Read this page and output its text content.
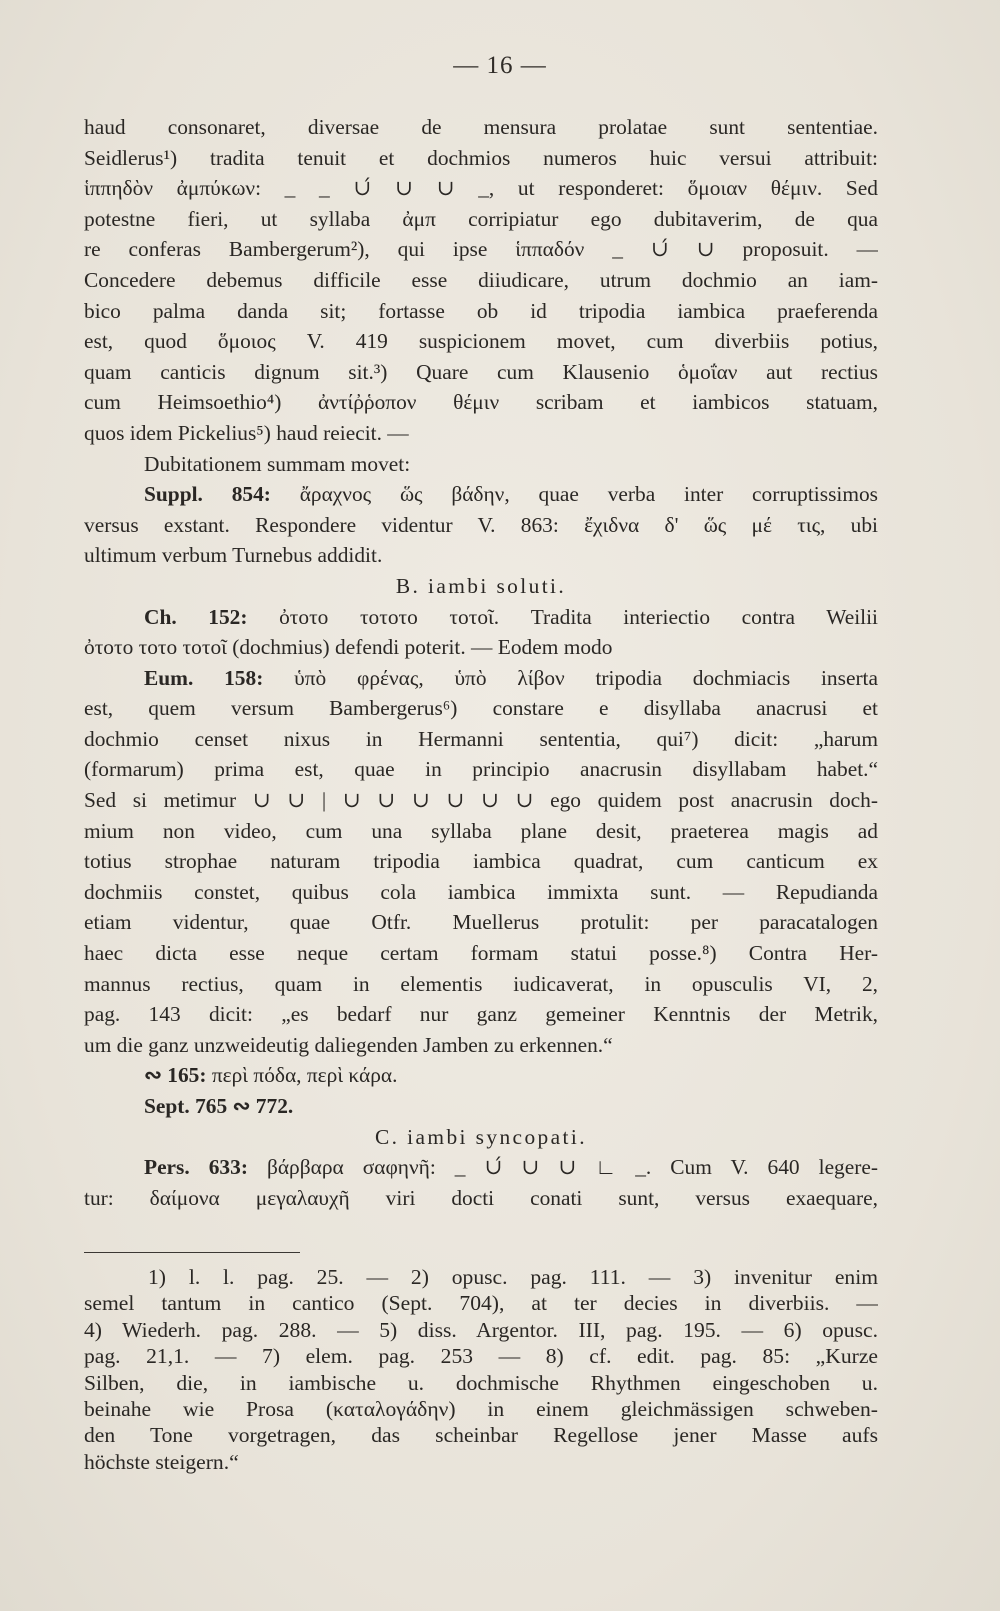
— 16 —
haud consonaret, diversae de mensura prolatae sunt sententiae.
Seidlerus¹) tradita tenuit et dochmios numeros huic versui attribuit:
ἱππηδὸν ἀμπύκων: _ _ ∪́ ∪ ∪ _, ut responderet: ὅμοιαν θέμιν. Sed
potestne fieri, ut syllaba ἀμπ corripiatur ego dubitaverim, de qua
re conferas Bambergerum²), qui ipse ἱππαδόν _ ∪́ ∪ proposuit. —
Concedere debemus difficile esse diiudicare, utrum dochmio an iam-
bico palma danda sit; fortasse ob id tripodia iambica praeferenda
est, quod ὅμοιος V. 419 suspicionem movet, cum diverbiis potius,
quam canticis dignum sit.³) Quare cum Klausenio ὁμοΐαν aut rectius
cum Heimsoethio⁴) ἀντίῤῥοπον θέμιν scribam et iambicos statuam,
quos idem Pickelius⁵) haud reiecit. —
Dubitationem summam movet:
Suppl. 854: ἄραχνος ὥς βάδην, quae verba inter corruptissimos
versus exstant. Respondere videntur V. 863: ἔχιδνα δ' ὥς μέ τις, ubi
ultimum verbum Turnebus addidit.
B. iambi soluti.
Ch. 152: ὀτοτο τοτοτο τοτοῖ. Tradita interiectio contra Weilii
ὀτοτο τοτο τοτοῖ (dochmius) defendi poterit. — Eodem modo
Eum. 158: ὑπὸ φρένας, ὑπὸ λίβον tripodia dochmiacis inserta
est, quem versum Bambergerus⁶) constare e disyllaba anacrusi et
dochmio censet nixus in Hermanni sententia, qui⁷) dicit: „harum
(formarum) prima est, quae in principio anacrusin disyllabam habet.“
Sed si metimur ∪ ∪ | ∪ ∪ ∪ ∪ ∪ ∪ ego quidem post anacrusin doch-
mium non video, cum una syllaba plane desit, praeterea magis ad
totius strophae naturam tripodia iambica quadrat, cum canticum ex
dochmiis constet, quibus cola iambica immixta sunt. — Repudianda
etiam videntur, quae Otfr. Muellerus protulit: per paracatalogen
haec dicta esse neque certam formam statui posse.⁸) Contra Her-
mannus rectius, quam in elementis iudicaverat, in opusculis VI, 2,
pag. 143 dicit: „es bedarf nur ganz gemeiner Kenntnis der Metrik,
um die ganz unzweideutig daliegenden Jamben zu erkennen.“
∾ 165: περὶ πόδα, περὶ κάρα.
Sept. 765 ∾ 772.
C. iambi syncopati.
Pers. 633: βάρβαρα σαφηνῆ: _ ∪́ ∪ ∪ ∟ _. Cum V. 640 legere-
tur: δαίμονα μεγαλαυχῆ viri docti conati sunt, versus exaequare,
1) l. l. pag. 25. — 2) opusc. pag. 111. — 3) invenitur enim
semel tantum in cantico (Sept. 704), at ter decies in diverbiis. —
4) Wiederh. pag. 288. — 5) diss. Argentor. III, pag. 195. — 6) opusc.
pag. 21,1. — 7) elem. pag. 253 — 8) cf. edit. pag. 85: „Kurze
Silben, die, in iambische u. dochmische Rhythmen eingeschoben u.
beinahe wie Prosa (καταλογάδην) in einem gleichmässigen schweben-
den Tone vorgetragen, das scheinbar Regellose jener Masse aufs
höchste steigern.“
